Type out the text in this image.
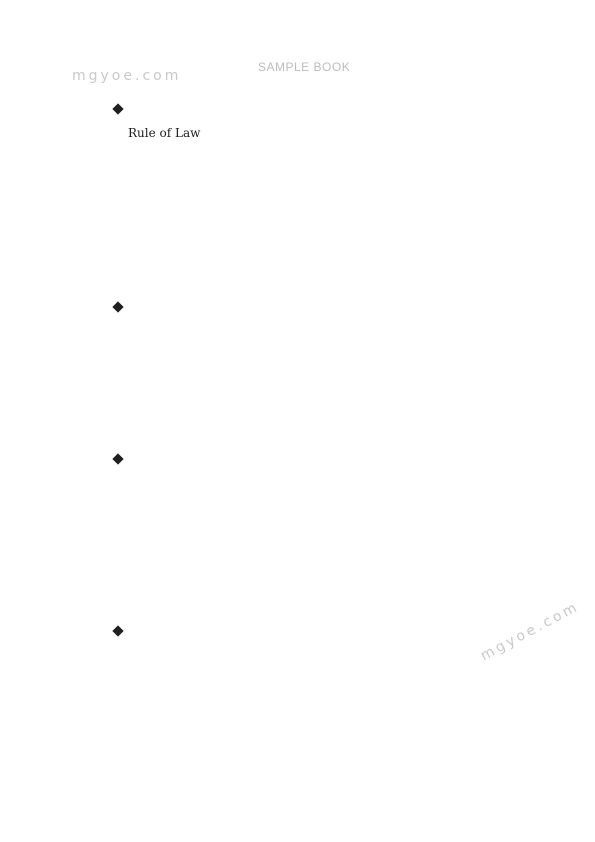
mgyoe.com
SAMPLE BOOK

Rule of Law

mgyoe.com
